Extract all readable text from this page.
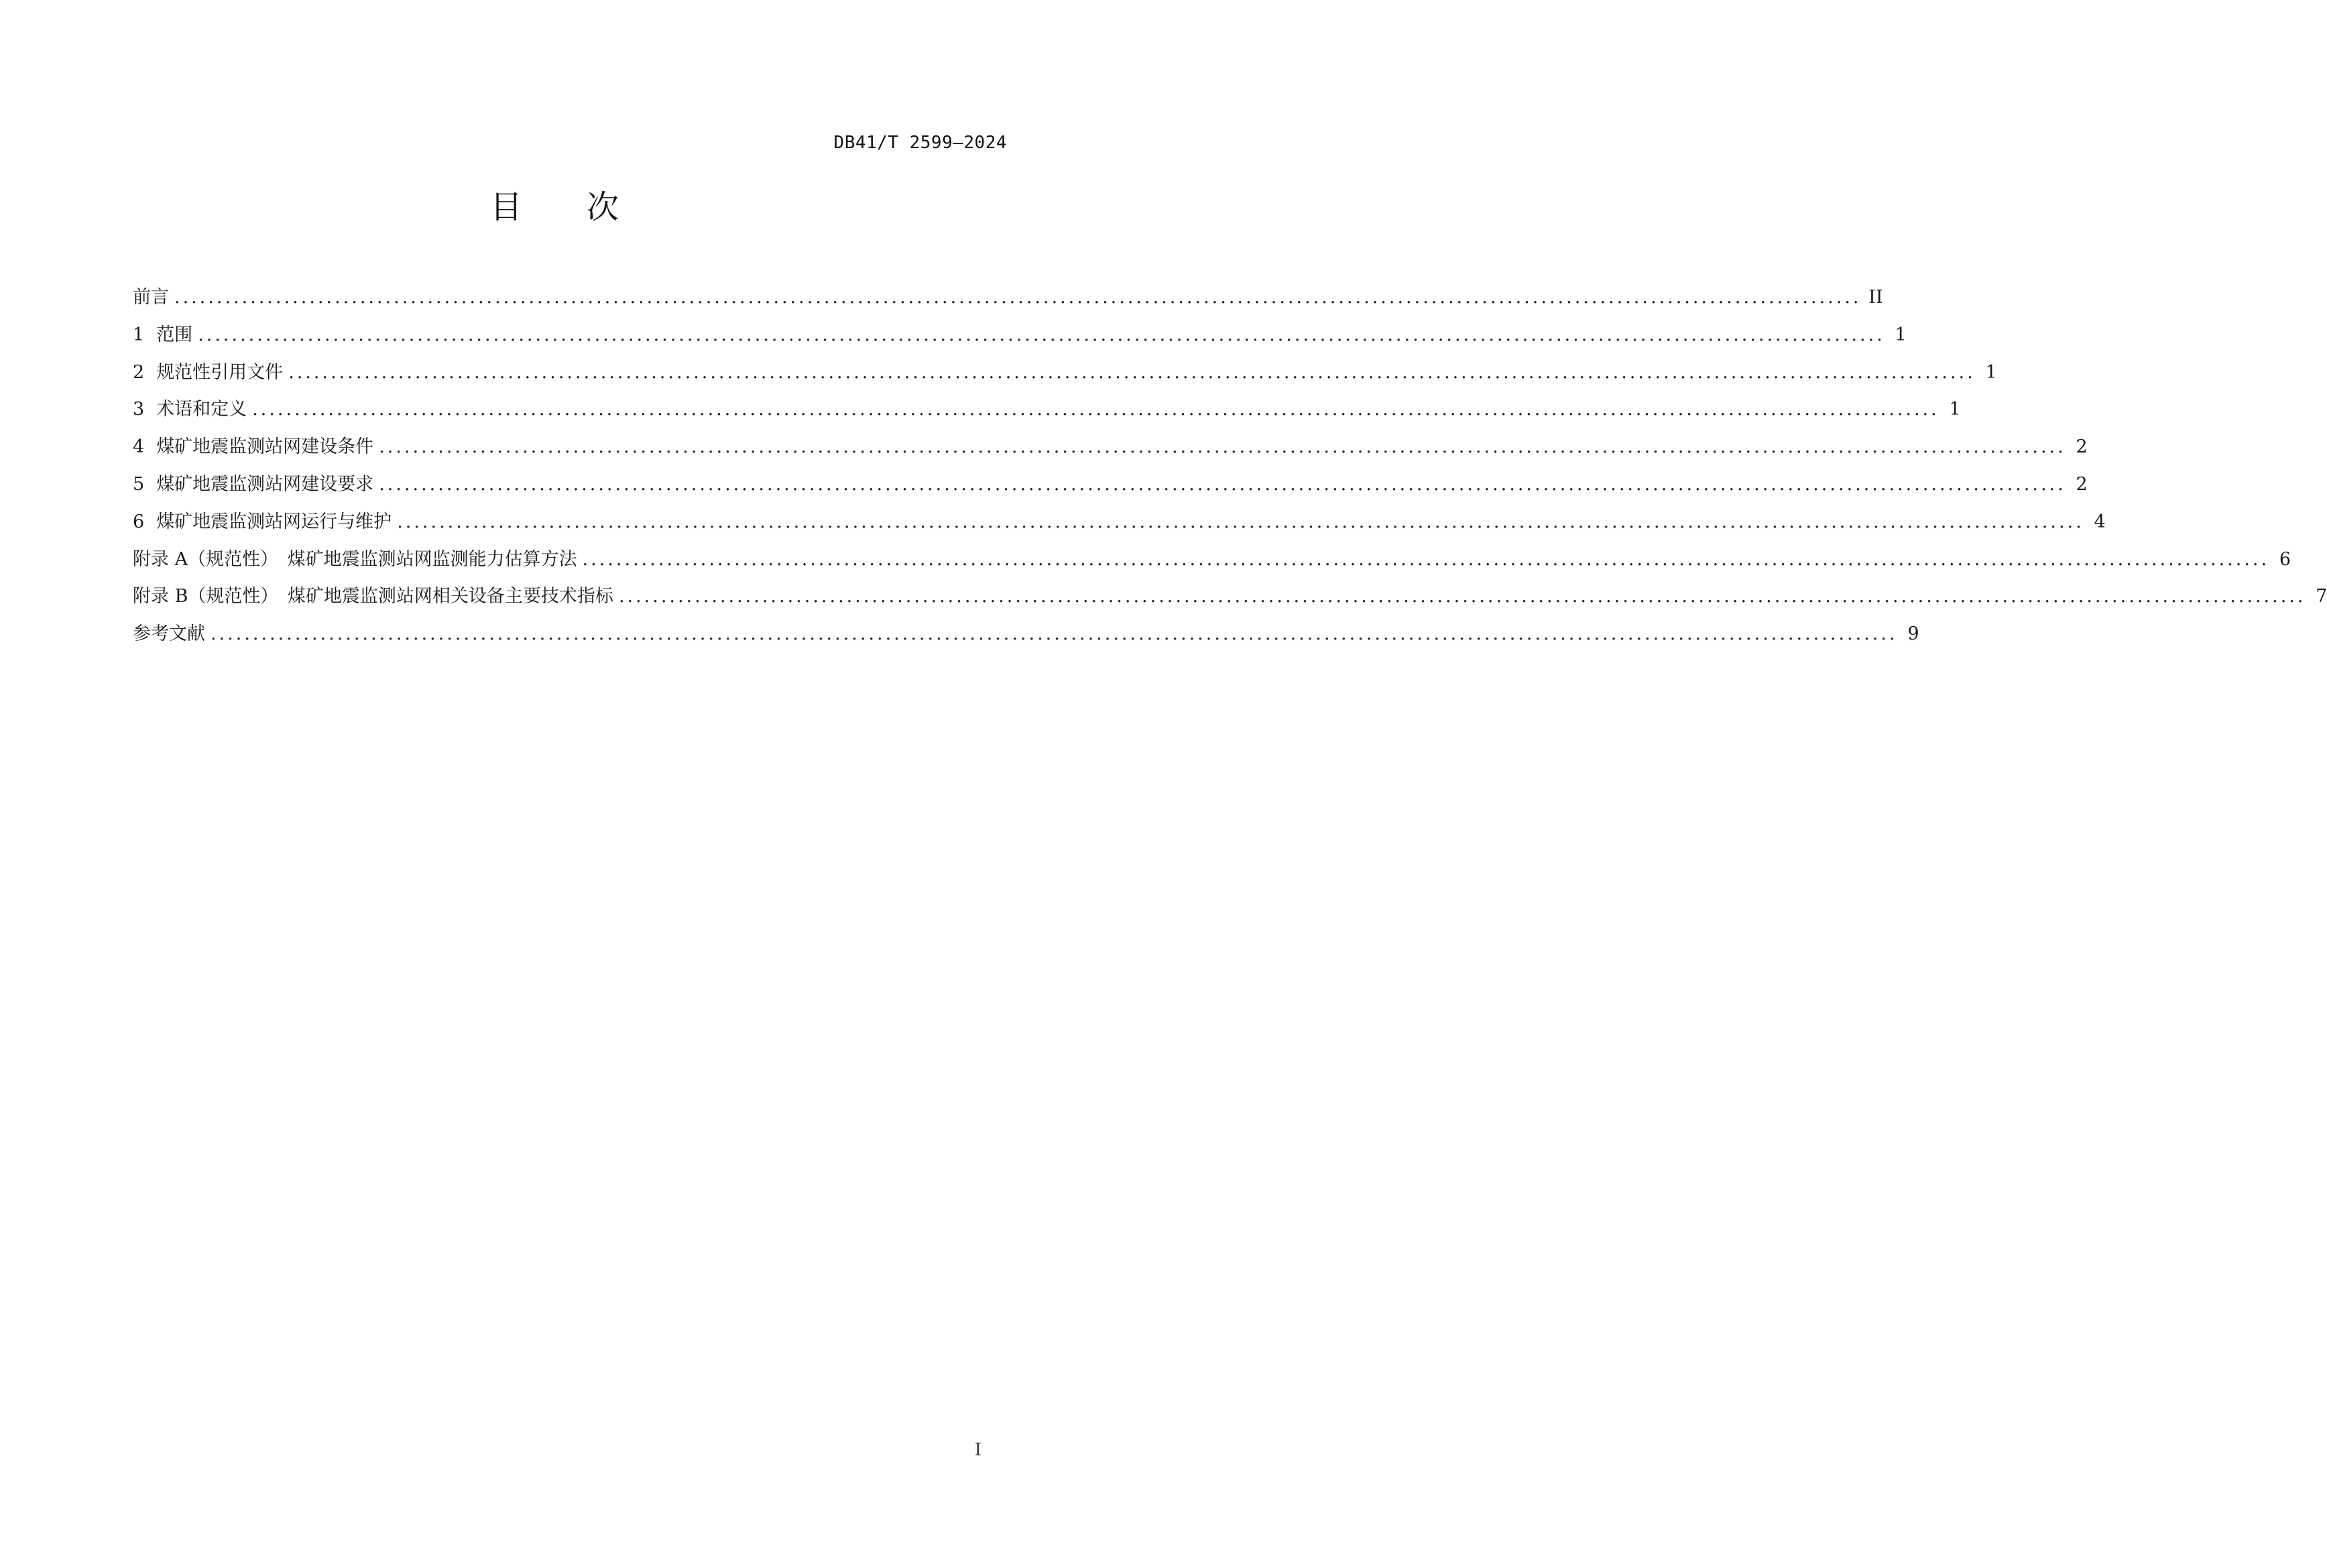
DB41/T 2599—2024
目　　次
前言 ........................................................................................................................................................................................................ II
1 范围 ........................................................................................................................................................................................................ 1
2 规范性引用文件 ........................................................................................................................................................................................................ 1
3 术语和定义 ........................................................................................................................................................................................................ 1
4 煤矿地震监测站网建设条件 ........................................................................................................................................................................................................ 2
5 煤矿地震监测站网建设要求 ........................................................................................................................................................................................................ 2
6 煤矿地震监测站网运行与维护 ........................................................................................................................................................................................................ 4
附录 A（规范性）　煤矿地震监测站网监测能力估算方法 ........................................................................................................................................................................................................ 6
附录 B（规范性）　煤矿地震监测站网相关设备主要技术指标 ........................................................................................................................................................................................................ 7
参考文献 ........................................................................................................................................................................................................ 9
I
